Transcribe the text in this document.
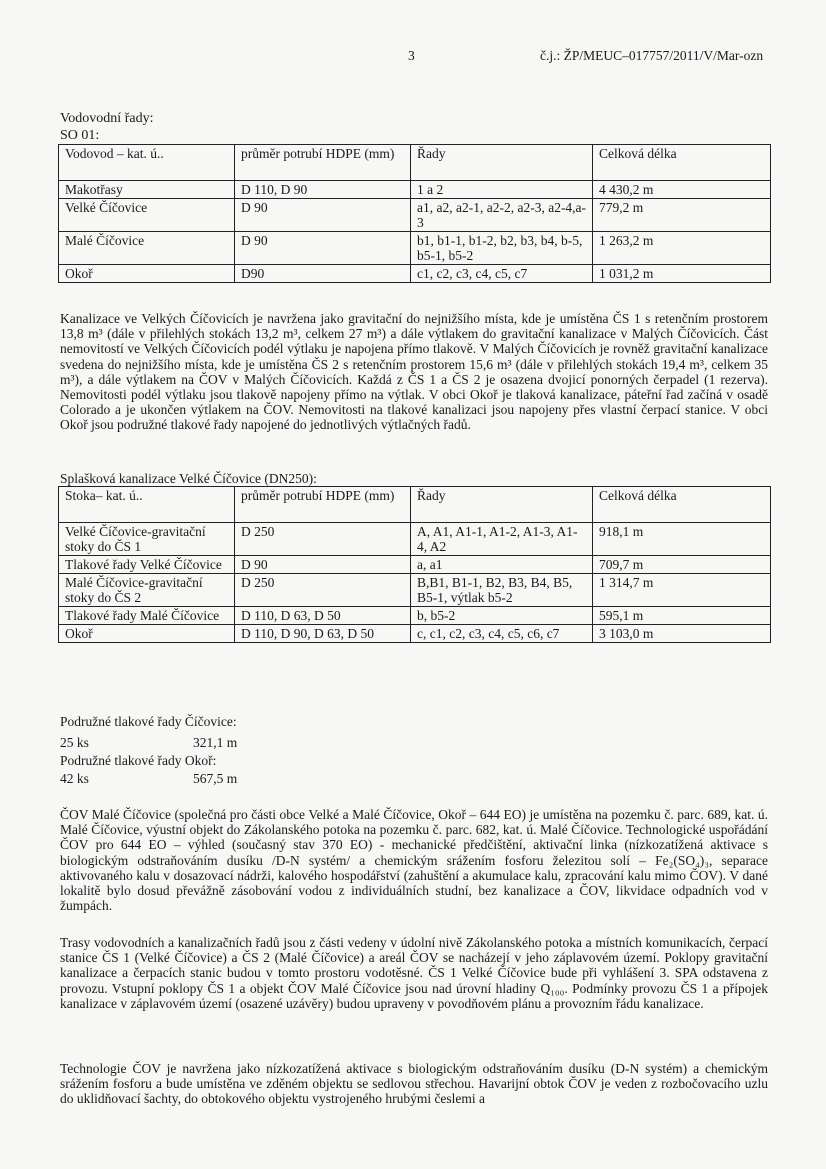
3	č.j.: ŽP/MEUC–017757/2011/V/Mar-ozn
Vodovodní řady:
SO 01:
Vodovod – kat. ú..	průměr potrubí HDPE (mm)	Řady	Celková délka
Makotřasy	D 110, D 90	1 a 2	4 430,2 m
Velké Číčovice	D 90	a1, a2, a2-1, a2-2, a2-3, a2-4,a-3	779,2 m
Malé Číčovice	D 90	b1, b1-1, b1-2, b2, b3, b4, b-5, b5-1, b5-2	1 263,2 m
Okoř	D90	c1, c2, c3, c4, c5, c7	1 031,2 m
Kanalizace ve Velkých Číčovicích je navržena jako gravitační do nejnižšího místa, kde je umístěna ČS 1 s retenčním prostorem 13,8 m³ (dále v přilehlých stokách 13,2 m³, celkem 27 m³) a dále výtlakem do gravitační kanalizace v Malých Číčovicích. Část nemovitostí ve Velkých Číčovicích podél výtlaku je napojena přímo tlakově. V Malých Číčovicích je rovněž gravitační kanalizace svedena do nejnižšího místa, kde je umístěna ČS 2 s retenčním prostorem 15,6 m³ (dále v přilehlých stokách 19,4 m³, celkem 35 m³), a dále výtlakem na ČOV v Malých Číčovicích. Každá z ČS 1 a ČS 2 je osazena dvojicí ponorných čerpadel (1 rezerva). Nemovitosti podél výtlaku jsou tlakově napojeny přímo na výtlak. V obci Okoř je tlaková kanalizace, páteřní řad začíná v osadě Colorado a je ukončen výtlakem na ČOV. Nemovitosti na tlakové kanalizaci jsou napojeny přes vlastní čerpací stanice. V obci Okoř jsou podružné tlakové řady napojené do jednotlivých výtlačných řadů.
Splašková kanalizace Velké Číčovice (DN250):
Stoka– kat. ú..	průměr potrubí HDPE (mm)	Řady	Celková délka
Velké Číčovice-gravitační stoky do ČS 1	D 250	A, A1, A1-1, A1-2, A1-3, A1-4, A2	918,1 m
Tlakové řady Velké Číčovice	D 90	a, a1	709,7 m
Malé Číčovice-gravitační stoky do ČS 2	D 250	B,B1, B1-1, B2, B3, B4, B5, B5-1, výtlak b5-2	1 314,7 m
Tlakové řady Malé Číčovice	D 110, D 63, D 50	b, b5-2	595,1 m
Okoř	D 110, D 90, D 63, D 50	c, c1, c2, c3, c4, c5, c6, c7	3 103,0 m
Podružné tlakové řady Číčovice:
25 ks	321,1 m
Podružné tlakové řady Okoř:
42 ks	567,5 m
ČOV Malé Číčovice (společná pro části obce Velké a Malé Číčovice, Okoř – 644 EO) je umístěna na pozemku č. parc. 689, kat. ú. Malé Číčovice, výustní objekt do Zákolanského potoka na pozemku č. parc. 682, kat. ú. Malé Číčovice. Technologické uspořádání ČOV pro 644 EO – výhled (současný stav 370 EO) - mechanické předčištění, aktivační linka (nízkozatížená aktivace s biologickým odstraňováním dusíku /D-N systém/ a chemickým srážením fosforu železitou solí – Fe₂(SO₄)₃, separace aktivovaného kalu v dosazovací nádrži, kalového hospodářství (zahuštění a akumulace kalu, zpracování kalu mimo ČOV). V dané lokalitě bylo dosud převážně zásobování vodou z individuálních studní, bez kanalizace a ČOV, likvidace odpadních vod v žumpách.
Trasy vodovodních a kanalizačních řadů jsou z části vedeny v údolní nivě Zákolanského potoka a místních komunikacích, čerpací stanice ČS 1 (Velké Číčovice) a ČS 2 (Malé Číčovice) a areál ČOV se nacházejí v jeho záplavovém území. Poklopy gravitační kanalizace a čerpacích stanic budou v tomto prostoru vodotěsné. ČS 1 Velké Číčovice bude při vyhlášení 3. SPA odstavena z provozu. Vstupní poklopy ČS 1 a objekt ČOV Malé Číčovice jsou nad úrovní hladiny Q₁₀₀. Podmínky provozu ČS 1 a přípojek kanalizace v záplavovém území (osazené uzávěry) budou upraveny v povodňovém plánu a provozním řádu kanalizace.
Technologie ČOV je navržena jako nízkozatížená aktivace s biologickým odstraňováním dusíku (D-N systém) a chemickým srážením fosforu a bude umístěna ve zděném objektu se sedlovou střechou. Havarijní obtok ČOV je veden z rozbočovacího uzlu do uklidňovací šachty, do obtokového objektu vystrojeného hrubými česlemi a
